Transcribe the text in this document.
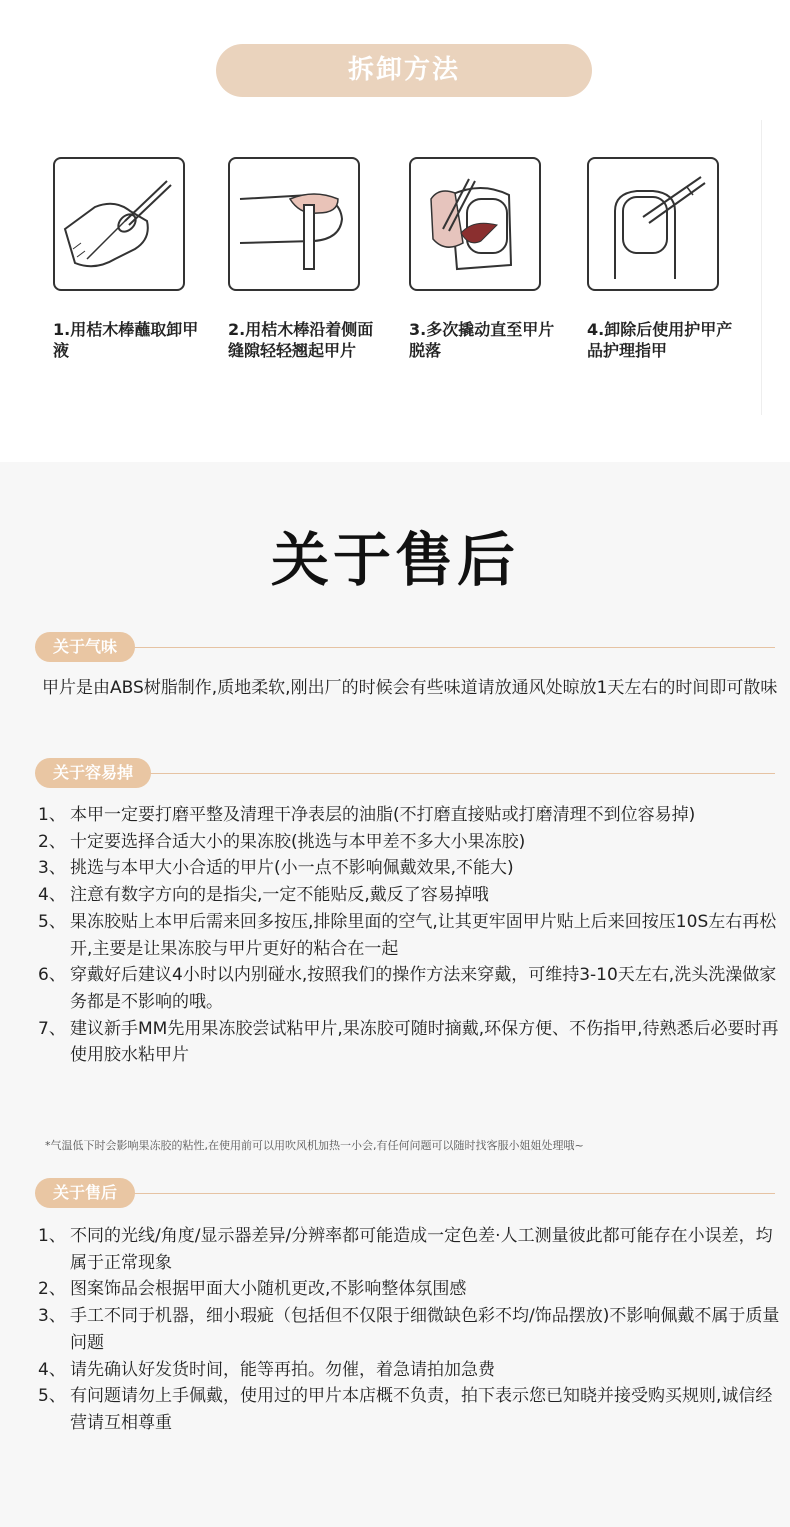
拆卸方法
1.用桔木棒蘸取卸甲液
2.用桔木棒沿着侧面缝隙轻轻翘起甲片
3.多次撬动直至甲片脱落
4.卸除后使用护甲产品护理指甲
关于售后
关于气味
甲片是由ABS树脂制作,质地柔软,刚出厂的时候会有些味道请放通风处晾放1天左右的时间即可散味
关于容易掉
1、 本甲一定要打磨平整及清理干净表层的油脂(不打磨直接贴或打磨清理不到位容易掉)
2、 十定要选择合适大小的果冻胶(挑选与本甲差不多大小果冻胶)
3、 挑选与本甲大小合适的甲片(小一点不影响佩戴效果,不能大)
4、 注意有数字方向的是指尖,一定不能贴反,戴反了容易掉哦
5、 果冻胶贴上本甲后需来回多按压,排除里面的空气,让其更牢固甲片贴上后来回按压10S左右再松开,主要是让果冻胶与甲片更好的粘合在一起
6、 穿戴好后建议4小时以内别碰水,按照我们的操作方法来穿戴，可维持3-10天左右,洗头洗澡做家务都是不影响的哦。
7、 建议新手MM先用果冻胶尝试粘甲片,果冻胶可随时摘戴,环保方便、不伤指甲,待熟悉后必要时再使用胶水粘甲片
*气温低下时会影响果冻胶的粘性,在使用前可以用吹风机加热一小会,有任何问题可以随时找客服小姐姐处理哦~
关于售后
1、 不同的光线/角度/显示器差异/分辨率都可能造成一定色差·人工测量彼此都可能存在小误差，均属于正常现象
2、 图案饰品会根据甲面大小随机更改,不影响整体氛围感
3、 手工不同于机器，细小瑕疵（包括但不仅限于细微缺色彩不均/饰品摆放)不影响佩戴不属于质量问题
4、 请先确认好发货时间，能等再拍。勿催，着急请拍加急费
5、 有问题请勿上手佩戴，使用过的甲片本店概不负责，拍下表示您已知晓并接受购买规则,诚信经营请互相尊重
